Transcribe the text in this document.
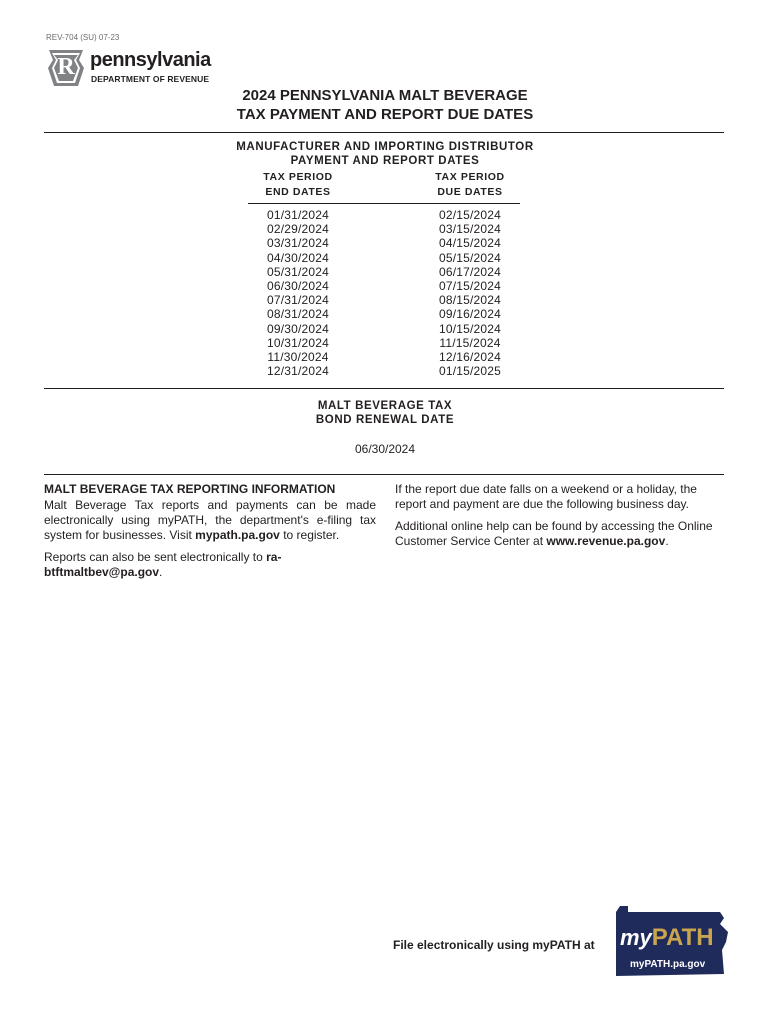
REV-704 (SU) 07-23
R pennsylvania
DEPARTMENT OF REVENUE
2024 PENNSYLVANIA MALT BEVERAGE
TAX PAYMENT AND REPORT DUE DATES
MANUFACTURER AND IMPORTING DISTRIBUTOR
PAYMENT AND REPORT DATES
TAX PERIOD
END DATES
TAX PERIOD
DUE DATES
01/31/2024
02/29/2024
03/31/2024
04/30/2024
05/31/2024
06/30/2024
07/31/2024
08/31/2024
09/30/2024
10/31/2024
11/30/2024
12/31/2024
02/15/2024
03/15/2024
04/15/2024
05/15/2024
06/17/2024
07/15/2024
08/15/2024
09/16/2024
10/15/2024
11/15/2024
12/16/2024
01/15/2025
MALT BEVERAGE TAX
BOND RENEWAL DATE
06/30/2024

MALT BEVERAGE TAX REPORTING INFORMATION

Malt Beverage Tax reports and payments can be made electronically using myPATH, the department's e-filing tax system for businesses. Visit mypath.pa.gov to register.

Reports can also be sent electronically to ra-btftmaltbev@pa.gov.

If the report due date falls on a weekend or a holiday, the report and payment are due the following business day.

Additional online help can be found by accessing the Online Customer Service Center at www.revenue.pa.gov.

File electronically using myPATH at myPATH
myPATH.pa.gov
